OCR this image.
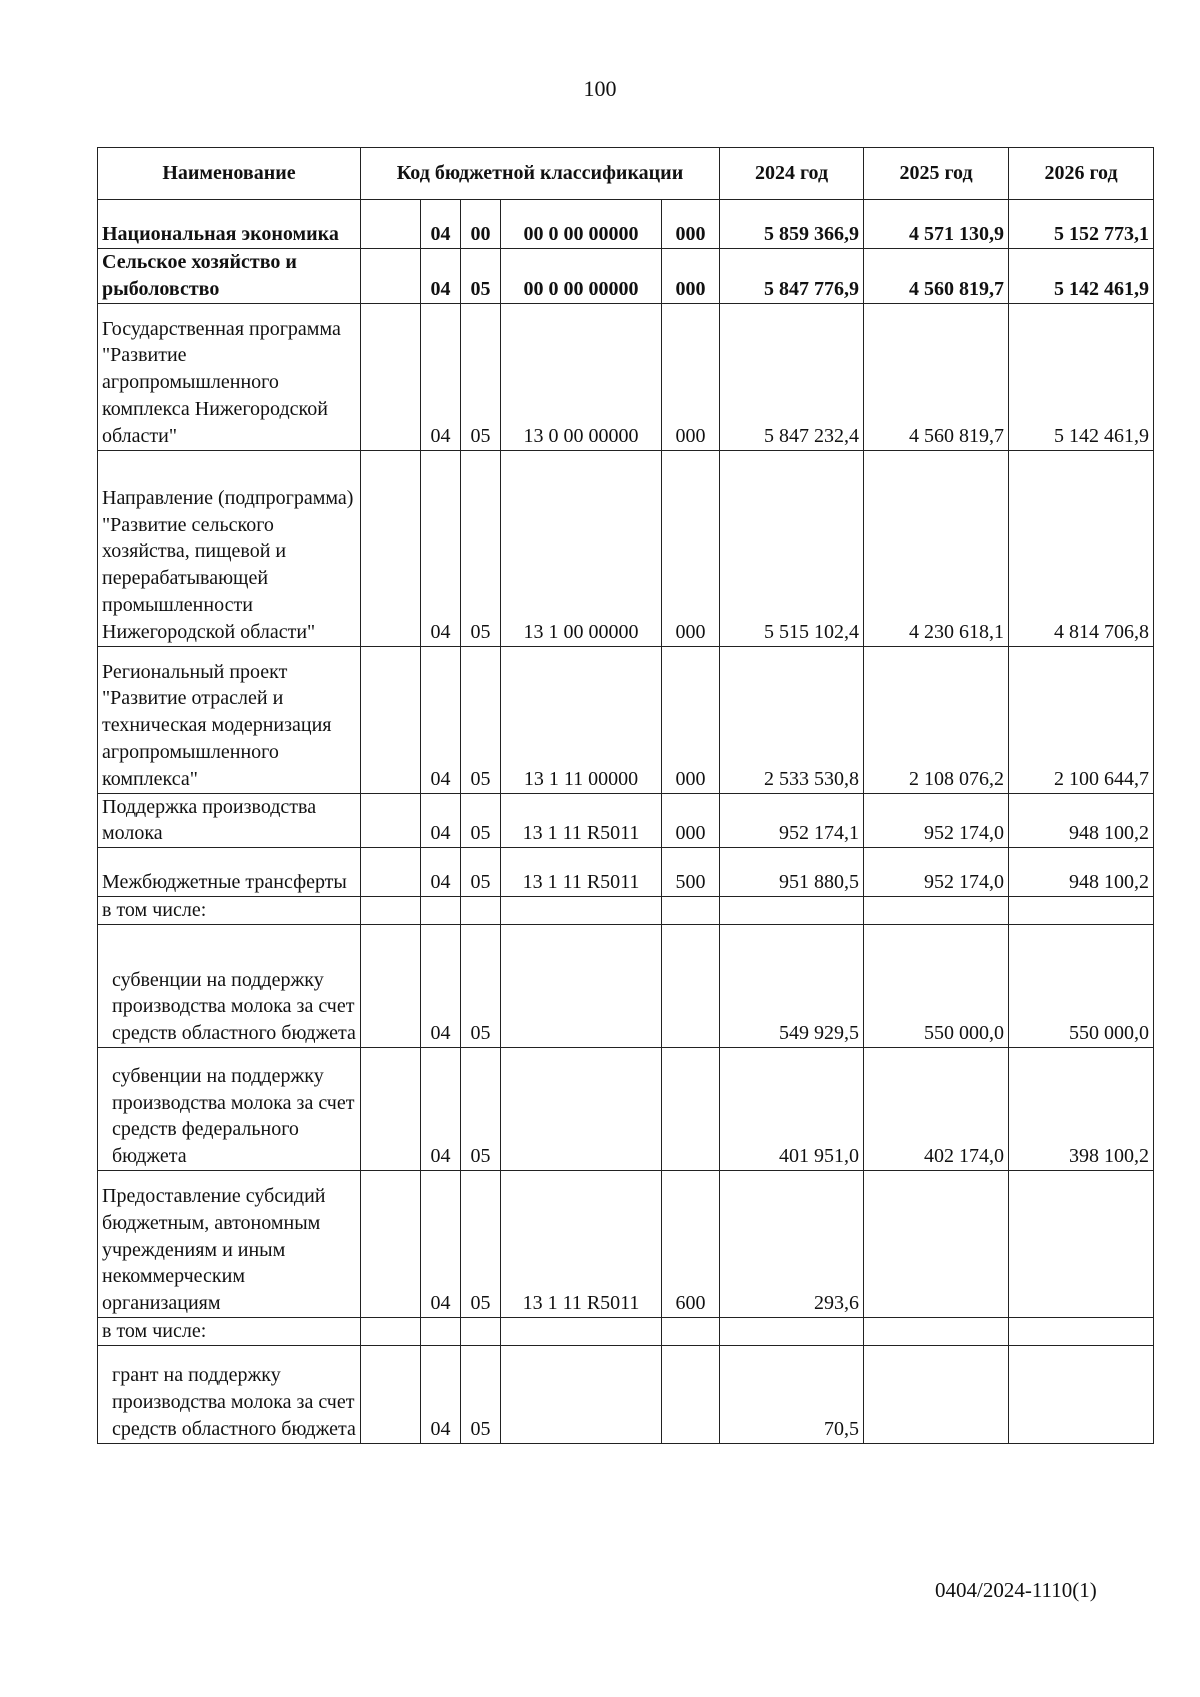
100
Наименование	Код бюджетной классификации					2024 год	2025 год	2026 год
Национальная экономика		04	00	00 0 00 00000	000	5 859 366,9	4 571 130,9	5 152 773,1
Сельское хозяйство и рыболовство		04	05	00 0 00 00000	000	5 847 776,9	4 560 819,7	5 142 461,9
Государственная программа "Развитие агропромышленного комплекса Нижегородской области"		04	05	13 0 00 00000	000	5 847 232,4	4 560 819,7	5 142 461,9
Направление (подпрограмма) "Развитие сельского хозяйства, пищевой и перерабатывающей промышленности Нижегородской области"		04	05	13 1 00 00000	000	5 515 102,4	4 230 618,1	4 814 706,8
Региональный проект "Развитие отраслей и техническая модернизация агропромышленного комплекса"		04	05	13 1 11 00000	000	2 533 530,8	2 108 076,2	2 100 644,7
Поддержка производства молока		04	05	13 1 11 R5011	000	952 174,1	952 174,0	948 100,2
Межбюджетные трансферты		04	05	13 1 11 R5011	500	951 880,5	952 174,0	948 100,2
в том числе:								
субвенции на поддержку производства молока за счет средств областного бюджета		04	05			549 929,5	550 000,0	550 000,0
субвенции на поддержку производства молока за счет средств федерального бюджета		04	05			401 951,0	402 174,0	398 100,2
Предоставление субсидий бюджетным, автономным учреждениям и иным некоммерческим организациям		04	05	13 1 11 R5011	600	293,6		
в том числе:								
грант на поддержку производства молока за счет средств областного бюджета		04	05			70,5		
0404/2024-1110(1)
